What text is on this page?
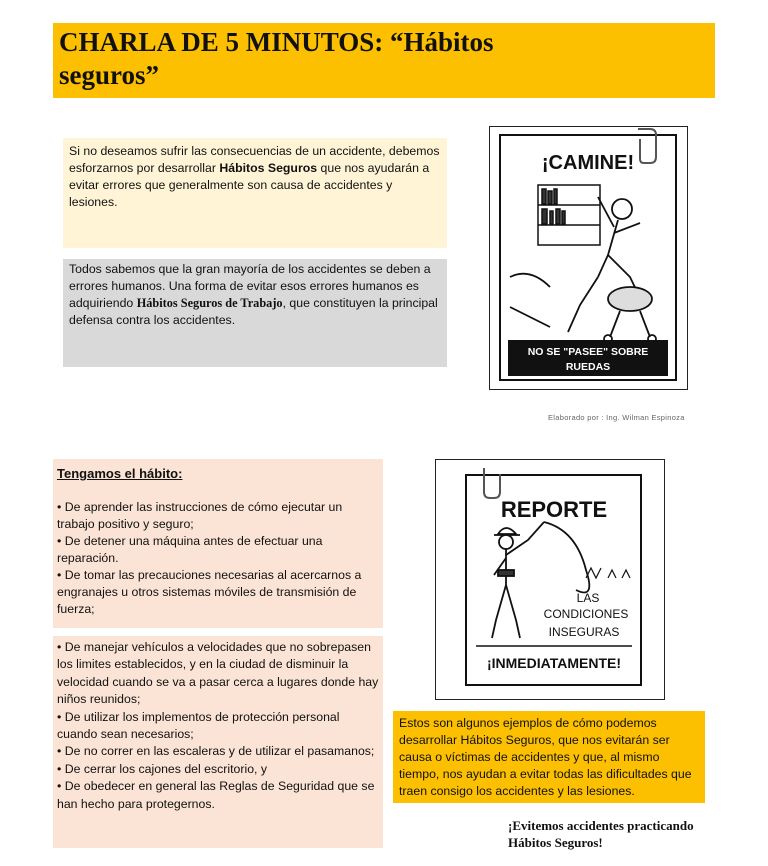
CHARLA DE 5 MINUTOS: “Hábitos
seguros”

Si no deseamos sufrir las consecuencias de un accidente, debemos esforzarnos por desarrollar Hábitos Seguros que nos ayudarán a evitar errores que generalmente son causa de accidentes y lesiones.

Todos sabemos que la gran mayoría de los accidentes se deben a errores humanos. Una forma de evitar esos errores humanos es adquiriendo Hábitos Seguros de Trabajo, que constituyen la principal defensa contra los accidentes.

¡CAMINE!
NO SE "PASEE" SOBRE
RUEDAS
Elaborado por : Ing. Wilman Espinoza

Tengamos el hábito:

• De aprender las instrucciones de cómo ejecutar un trabajo positivo y seguro;

• De detener una máquina antes de efectuar una reparación.

• De tomar las precauciones necesarias al acercarnos a engranajes u otros sistemas móviles de transmisión de fuerza;

• De manejar vehículos a velocidades que no sobrepasen los limites establecidos, y en la ciudad de disminuir la velocidad cuando se va a pasar cerca a lugares donde hay niños reunidos;

• De utilizar los implementos de protección personal cuando sean necesarios;

• De no correr en las escaleras y de utilizar el pasamanos;

• De cerrar los cajones del escritorio, y

• De obedecer en general las Reglas de Seguridad que se han hecho para protegernos.

REPORTE
LAS
CONDICIONES
INSEGURAS
¡INMEDIATAMENTE!

Estos son algunos ejemplos de cómo podemos desarrollar Hábitos Seguros, que nos evitarán ser causa o víctimas de accidentes y que, al mismo tiempo, nos ayudan a evitar todas las dificultades que traen consigo los accidentes y las lesiones.

¡Evitemos accidentes practicando
Hábitos Seguros!
